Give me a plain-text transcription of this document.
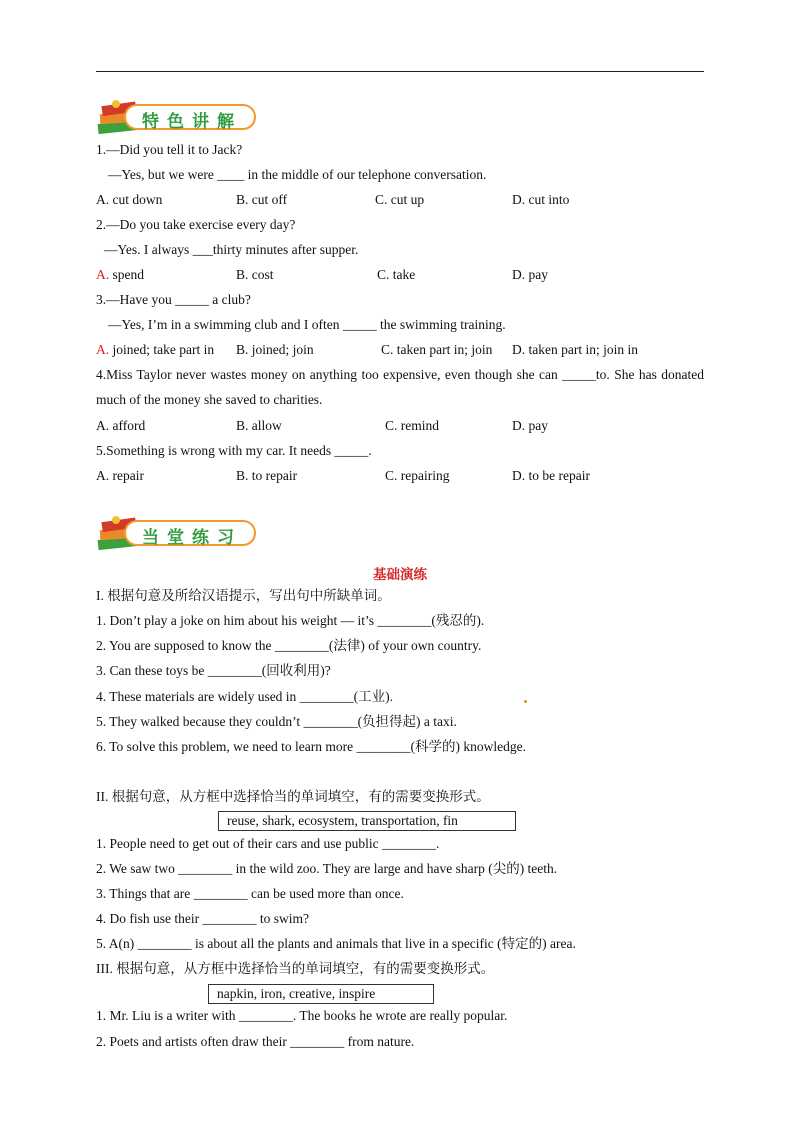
特色讲解
1.—Did you tell it to Jack?
—Yes, but we were ____ in the middle of our telephone conversation.
A. cut down	B. cut off	C. cut up	D. cut into
2.—Do you take exercise every day?
—Yes. I always ___thirty minutes after supper.
A. spend	B. cost	C. take	D. pay
3.—Have you _____ a club?
—Yes, I’m in a swimming club and I often _____ the swimming training.
A. joined; take part in B. joined; join	C. taken part in; join D. taken part in; join in
4.Miss Taylor never wastes money on anything too expensive, even though she can _____to. She has donated much of the money she saved to charities.
A. afford	B. allow	C. remind	D. pay
5.Something is wrong with my car. It needs _____.
A. repair	B. to repair	C. repairing	D. to be repair
当堂练习
基础演练
I. 根据句意及所给汉语提示，写出句中所缺单词。
1. Don’t play a joke on him about his weight — it’s ________(残忍的).
2. You are supposed to know the ________(法律) of your own country.
3. Can these toys be ________(回收利用)?
4. These materials are widely used in ________(工业).
5. They walked because they couldn’t ________(负担得起) a taxi.
6. To solve this problem, we need to learn more ________(科学的) knowledge.
II. 根据句意，从方框中选择恰当的单词填空，有的需要变换形式。
reuse, shark, ecosystem, transportation, fin
1. People need to get out of their cars and use public ________.
2. We saw two ________ in the wild zoo. They are large and have sharp (尖的) teeth.
3. Things that are ________ can be used more than once.
4. Do fish use their ________ to swim?
5. A(n) ________ is about all the plants and animals that live in a specific (特定的) area.
III. 根据句意，从方框中选择恰当的单词填空，有的需要变换形式。
napkin, iron, creative, inspire
1. Mr. Liu is a writer with ________. The books he wrote are really popular.
2. Poets and artists often draw their ________ from nature.
